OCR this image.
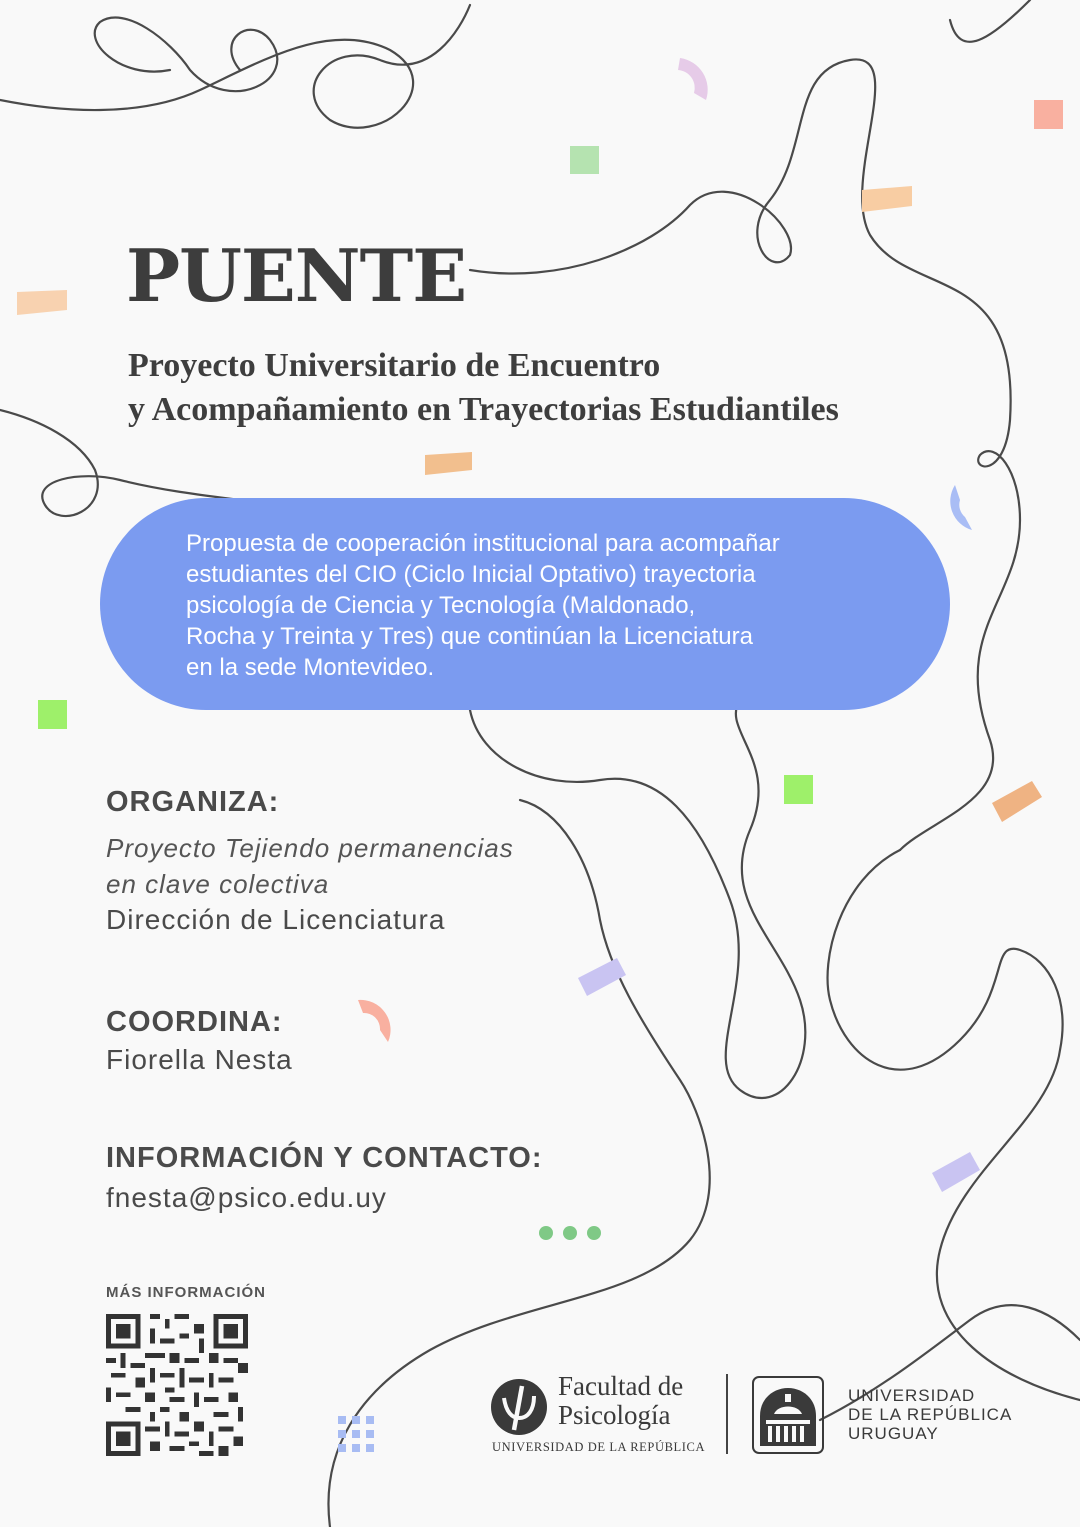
PUENTE
Proyecto Universitario de Encuentro
y Acompañamiento en Trayectorias Estudiantiles
Propuesta de cooperación institucional para acompañar
estudiantes del CIO (Ciclo Inicial Optativo) trayectoria
psicología de Ciencia y Tecnología (Maldonado,
Rocha y Treinta y Tres) que continúan la Licenciatura
en la sede Montevideo.
ORGANIZA:
Proyecto Tejiendo permanencias
en clave colectiva
Dirección de Licenciatura
COORDINA:
Fiorella Nesta
INFORMACIÓN Y CONTACTO:
fnesta@psico.edu.uy
MÁS INFORMACIÓN
Facultad de
Psicología
UNIVERSIDAD DE LA REPÚBLICA
UNIVERSIDAD
DE LA REPÚBLICA
URUGUAY
